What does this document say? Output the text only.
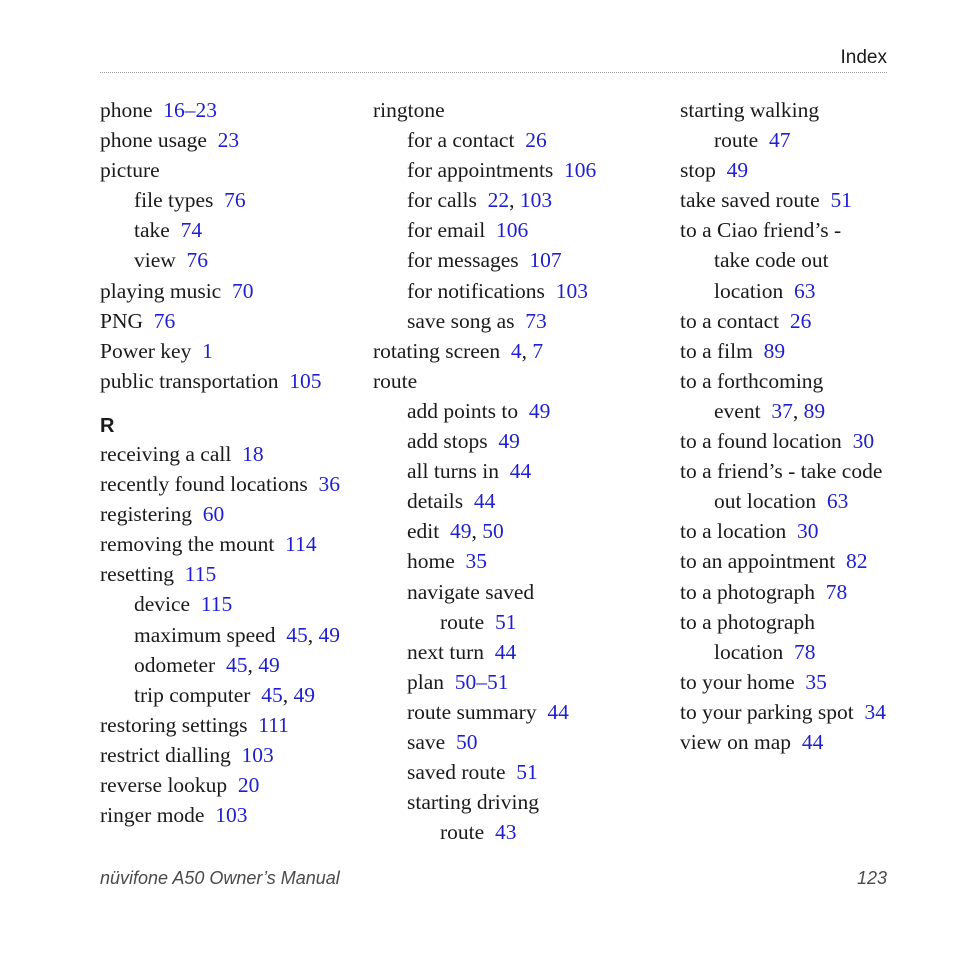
Index
phone 16–23
phone usage 23
picture
file types 76
take 74
view 76
playing music 70
PNG 76
Power key 1
public transportation 105
R
receiving a call 18
recently found locations 36
registering 60
removing the mount 114
resetting 115
device 115
maximum speed 45, 49
odometer 45, 49
trip computer 45, 49
restoring settings 111
restrict dialling 103
reverse lookup 20
ringer mode 103
ringtone
for a contact 26
for appointments 106
for calls 22, 103
for email 106
for messages 107
for notifications 103
save song as 73
rotating screen 4, 7
route
add points to 49
add stops 49
all turns in 44
details 44
edit 49, 50
home 35
navigate saved
route 51
next turn 44
plan 50–51
route summary 44
save 50
saved route 51
starting driving
route 43
starting walking
route 47
stop 49
take saved route 51
to a Ciao friend’s -
take code out
location 63
to a contact 26
to a film 89
to a forthcoming
event 37, 89
to a found location 30
to a friend’s - take code
out location 63
to a location 30
to an appointment 82
to a photograph 78
to a photograph
location 78
to your home 35
to your parking spot 34
view on map 44
nüvifone A50 Owner’s Manual	123
